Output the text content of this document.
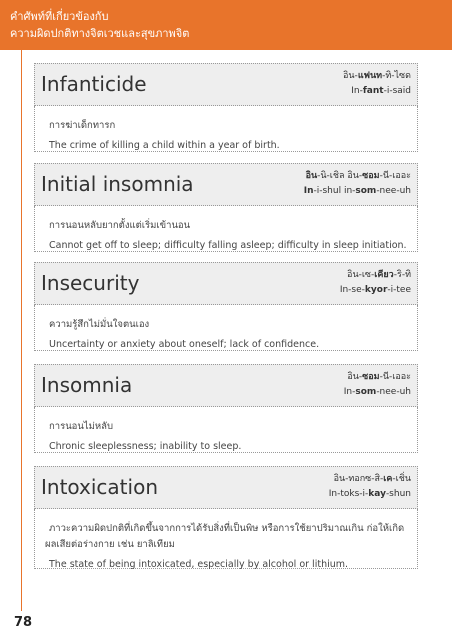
คำศัพท์ที่เกี่ยวข้องกับ
ความผิดปกติทางจิตเวชและสุขภาพจิต
78
Infanticide	อิน-แฟนท-ทิ-ไซด
In-fant-i-said
การฆ่าเด็กทารก
The crime of killing a child within a year of birth.
Initial insomnia	อิน-นิ-เชิล อิน-ซอม-นี-เออะ
In-i-shul in-som-nee-uh
การนอนหลับยากตั้งแต่เริ่มเข้านอน
Cannot get off to sleep; difficulty falling asleep; difficulty in sleep initiation.
Insecurity	อิน-เซ-เคียว-ริ-ทิ
In-se-kyor-i-tee
ความรู้สึกไม่มั่นใจตนเอง
Uncertainty or anxiety about oneself; lack of confidence.
Insomnia	อิน-ซอม-นี-เออะ
In-som-nee-uh
การนอนไม่หลับ
Chronic sleeplessness; inability to sleep.
Intoxication	อิน-ทอกซ-สิ-เค-เชิ่น
In-toks-i-kay-shun
ภาวะความผิดปกติที่เกิดขึ้นจากการได้รับสิ่งที่เป็นพิษ หรือการใช้ยาปริมาณเกิน ก่อให้เกิดผลเสียต่อร่างกาย เช่น ยาลิเทียม
The state of being intoxicated, especially by alcohol or lithium.
